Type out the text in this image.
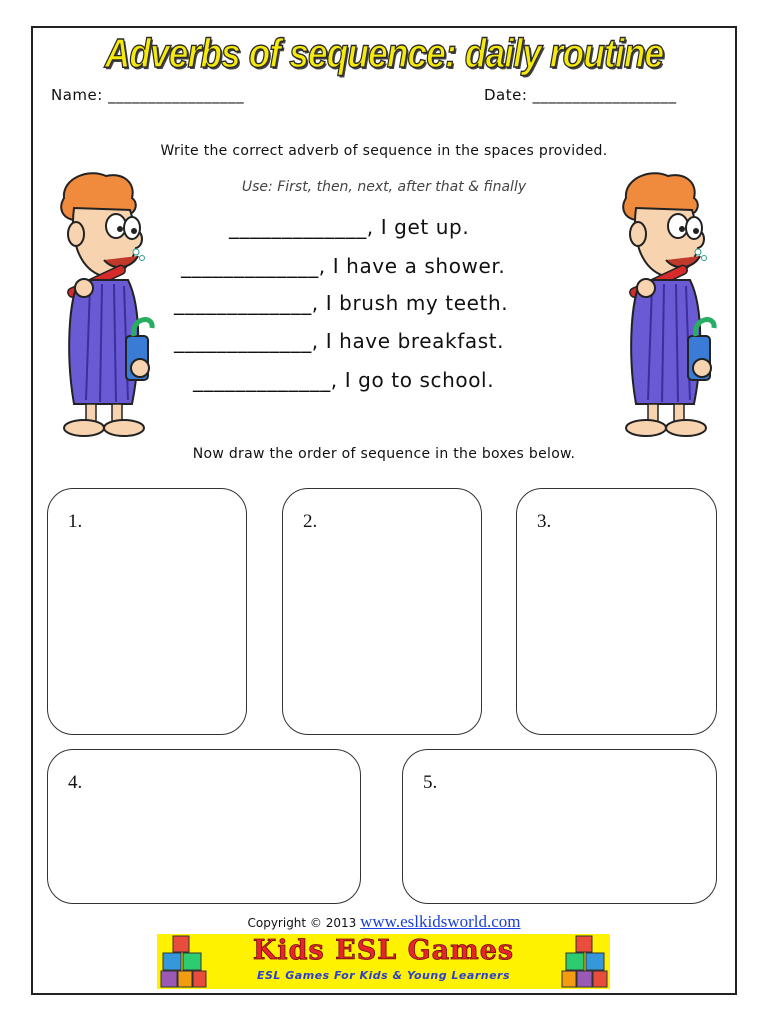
Adverbs of sequence: daily routine
Name: _________________	Date: __________________
Write the correct adverb of sequence in the spaces provided.
Use: First, then, next, after that & finally
_____________, I get up.
_____________, I have a shower.
_____________, I brush my teeth.
_____________, I have breakfast.
_____________, I go to school.
Now draw the order of sequence in the boxes below.
1.	2.	3.
4.	5.
Copyright © 2013 www.eslkidsworld.com
Kids ESL Games
ESL Games For Kids & Young Learners
